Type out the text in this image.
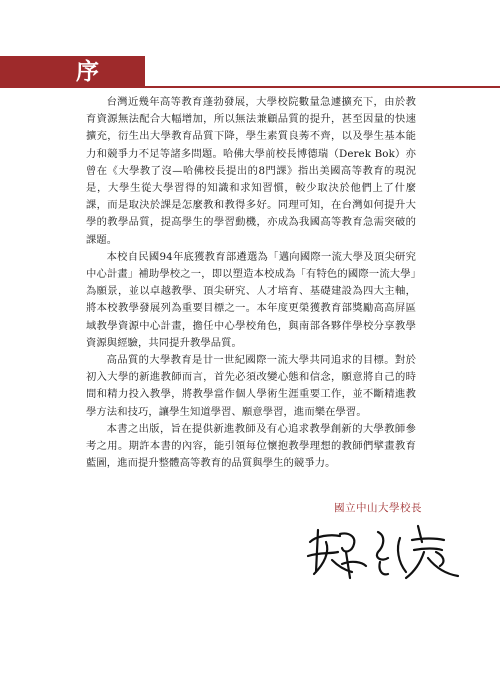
序

台灣近幾年高等教育蓬勃發展，大學校院數量急遽擴充下，由於教育資源無法配合大幅增加，所以無法兼顧品質的提升，甚至因量的快速擴充，衍生出大學教育品質下降，學生素質良莠不齊，以及學生基本能力和競爭力不足等諸多問題。哈佛大學前校長博德瑞（Derek Bok）亦曾在《大學教了沒—哈佛校長提出的8門課》指出美國高等教育的現況是，大學生從大學習得的知識和求知習慣，較少取決於他們上了什麼課，而是取決於課是怎麼教和教得多好。同理可知，在台灣如何提升大學的教學品質，提高學生的學習動機，亦成為我國高等教育急需突破的課題。

本校自民國94年底獲教育部遴選為「邁向國際一流大學及頂尖研究中心計畫」補助學校之一，即以塑造本校成為「有特色的國際一流大學」為願景，並以卓越教學、頂尖研究、人才培育、基礎建設為四大主軸，將本校教學發展列為重要目標之一。本年度更榮獲教育部獎勵高高屏區域教學資源中心計畫，擔任中心學校角色，與南部各夥伴學校分享教學資源與經驗，共同提升教學品質。

高品質的大學教育是廿一世紀國際一流大學共同追求的目標。對於初入大學的新進教師而言，首先必須改變心態和信念，願意將自己的時間和精力投入教學，將教學當作個人學術生涯重要工作，並不斷精進教學方法和技巧，讓學生知道學習、願意學習，進而樂在學習。

本書之出版，旨在提供新進教師及有心追求教學創新的大學教師參考之用。期許本書的內容，能引領每位懷抱教學理想的教師們擘畫教育藍圖，進而提升整體高等教育的品質與學生的競爭力。

國立中山大學校長
